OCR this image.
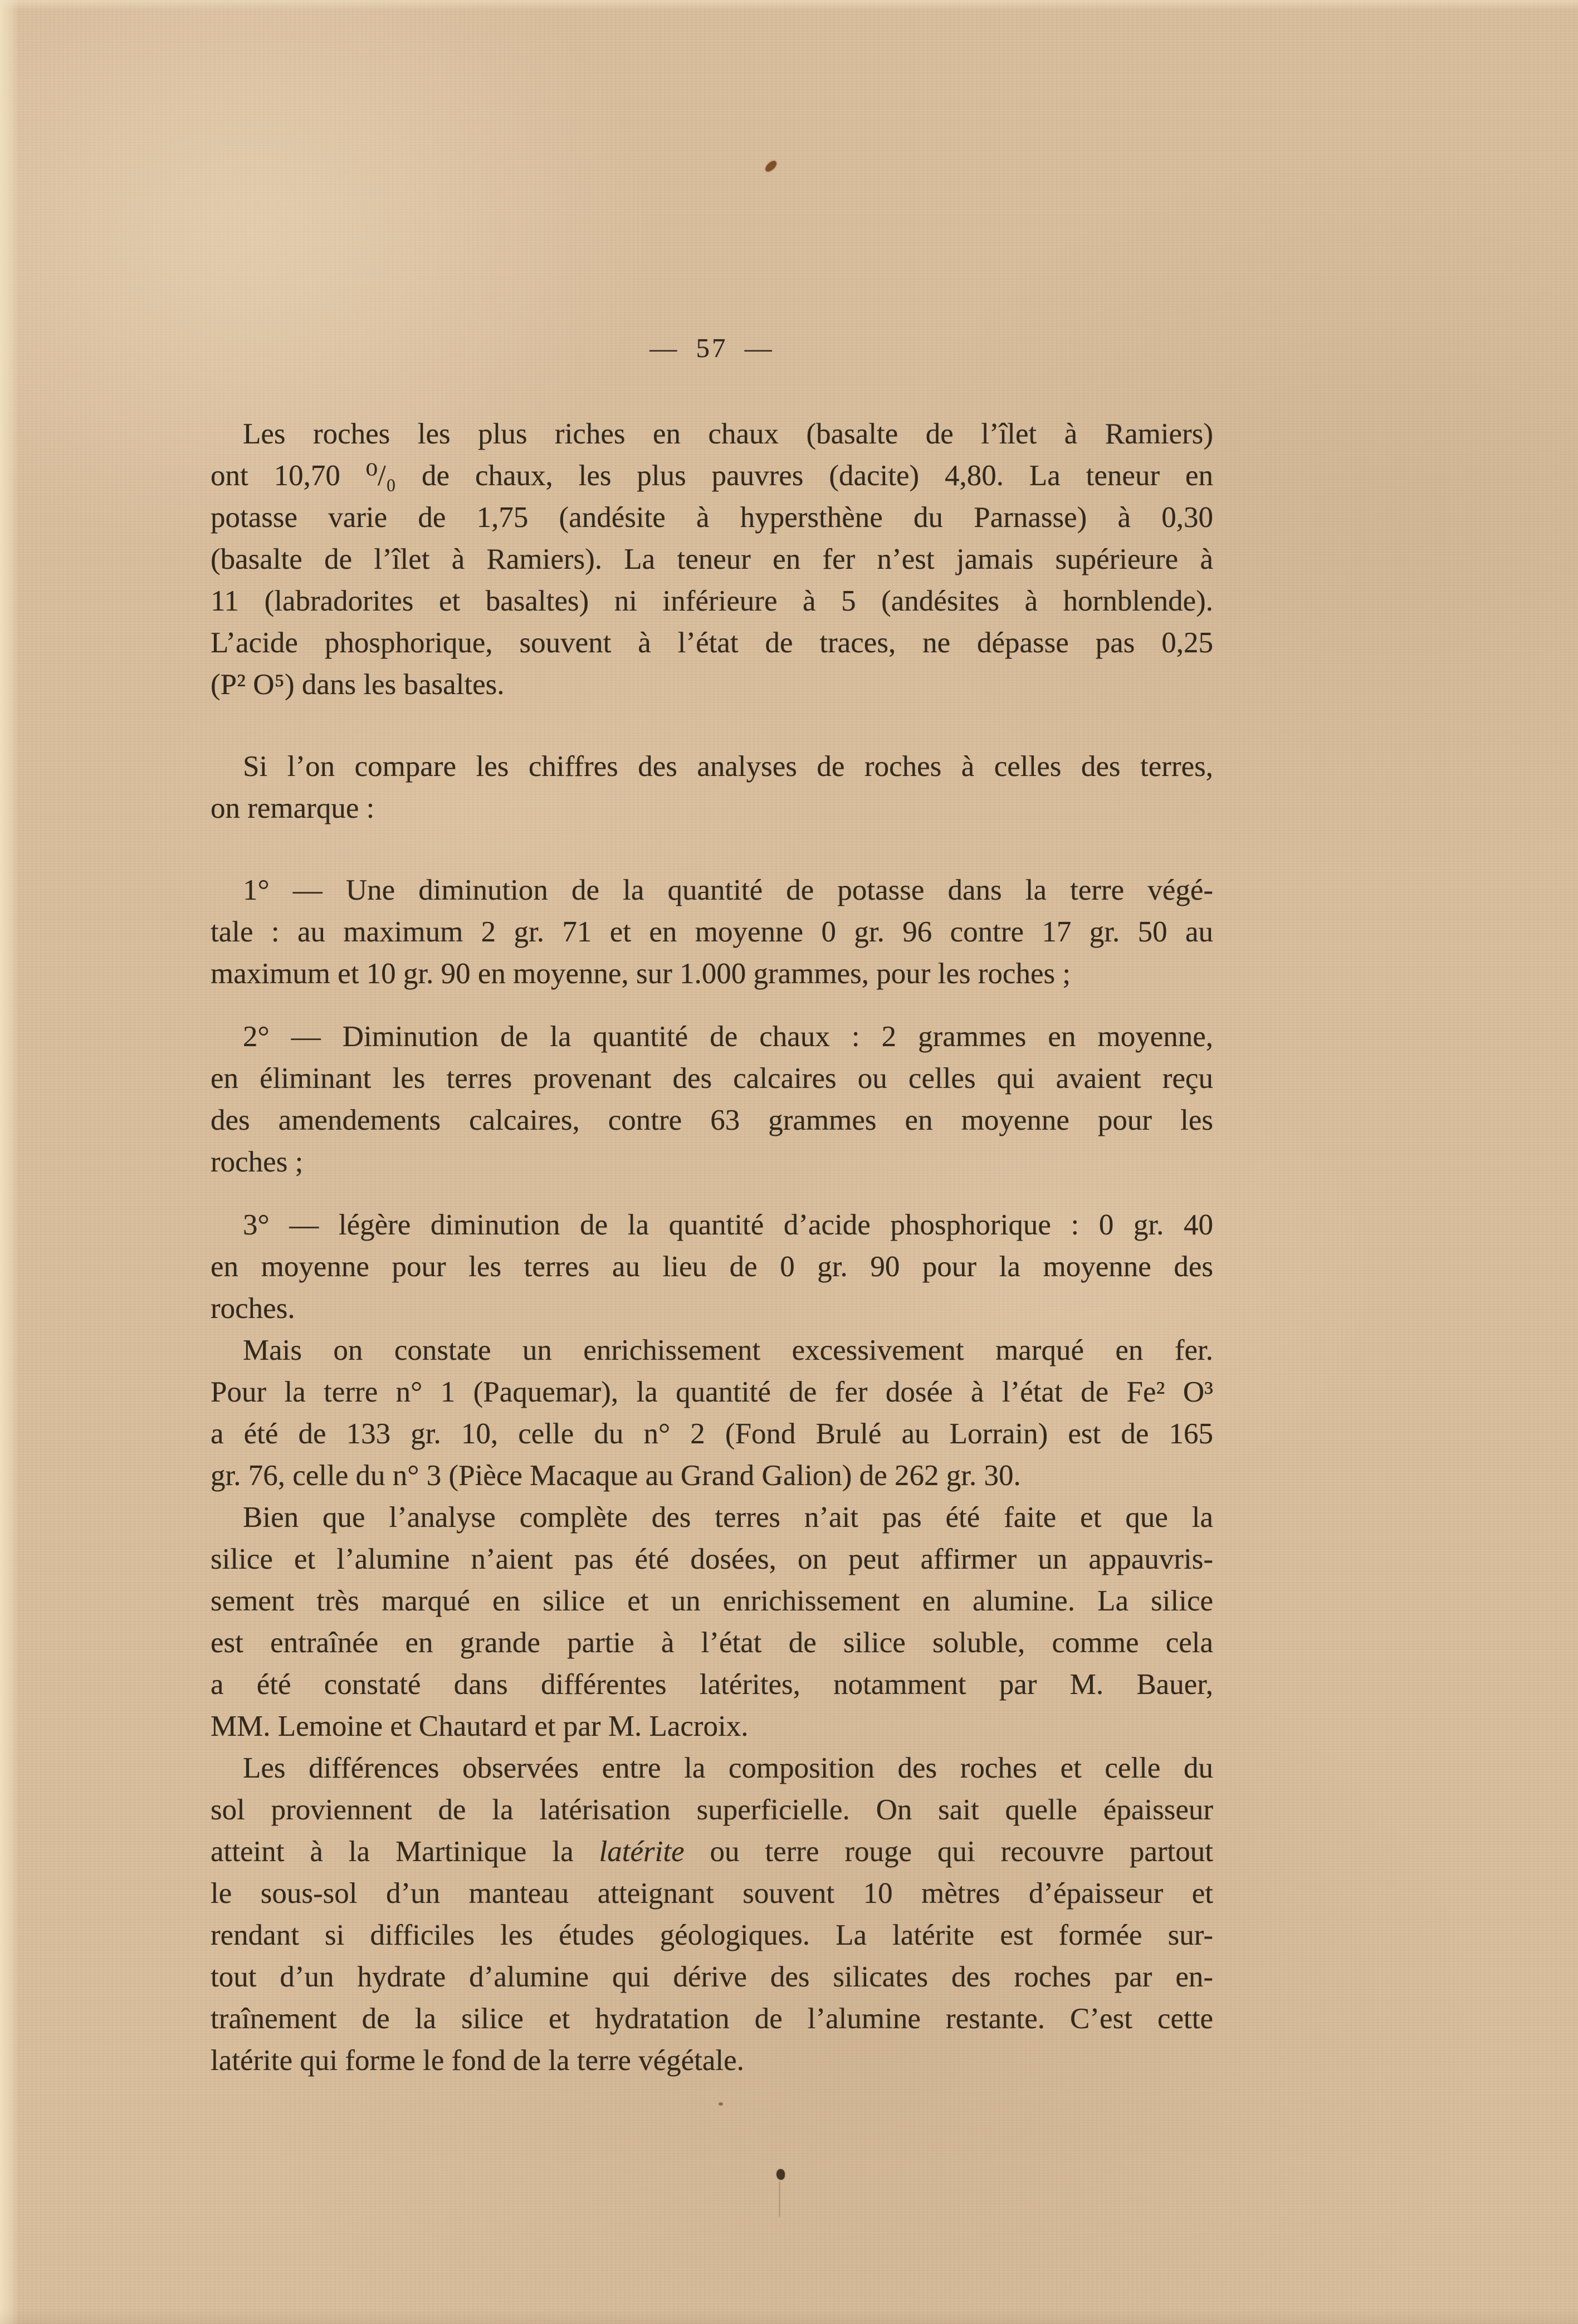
— 57 —
Les roches les plus riches en chaux (basalte de l’îlet à Ramiers)
ont 10,70 ⁰/₀ de chaux, les plus pauvres (dacite) 4,80. La teneur en
potasse varie de 1,75 (andésite à hypersthène du Parnasse) à 0,30
(basalte de l’îlet à Ramiers). La teneur en fer n’est jamais supérieure à
11 (labradorites et basaltes) ni inférieure à 5 (andésites à hornblende).
L’acide phosphorique, souvent à l’état de traces, ne dépasse pas 0,25
(P² O⁵) dans les basaltes.
Si l’on compare les chiffres des analyses de roches à celles des terres,
on remarque :
1° — Une diminution de la quantité de potasse dans la terre végé-
tale : au maximum 2 gr. 71 et en moyenne 0 gr. 96 contre 17 gr. 50 au
maximum et 10 gr. 90 en moyenne, sur 1.000 grammes, pour les roches ;
2° — Diminution de la quantité de chaux : 2 grammes en moyenne,
en éliminant les terres provenant des calcaires ou celles qui avaient reçu
des amendements calcaires, contre 63 grammes en moyenne pour les
roches ;
3° — légère diminution de la quantité d’acide phosphorique : 0 gr. 40
en moyenne pour les terres au lieu de 0 gr. 90 pour la moyenne des
roches.
Mais on constate un enrichissement excessivement marqué en fer.
Pour la terre n° 1 (Paquemar), la quantité de fer dosée à l’état de Fe² O³
a été de 133 gr. 10, celle du n° 2 (Fond Brulé au Lorrain) est de 165
gr. 76, celle du n° 3 (Pièce Macaque au Grand Galion) de 262 gr. 30.
Bien que l’analyse complète des terres n’ait pas été faite et que la
silice et l’alumine n’aient pas été dosées, on peut affirmer un appauvris-
sement très marqué en silice et un enrichissement en alumine. La silice
est entraînée en grande partie à l’état de silice soluble, comme cela
a été constaté dans différentes latérites, notamment par M. Bauer,
MM. Lemoine et Chautard et par M. Lacroix.
Les différences observées entre la composition des roches et celle du
sol proviennent de la latérisation superficielle. On sait quelle épaisseur
atteint à la Martinique la latérite ou terre rouge qui recouvre partout
le sous-sol d’un manteau atteignant souvent 10 mètres d’épaisseur et
rendant si difficiles les études géologiques. La latérite est formée sur-
tout d’un hydrate d’alumine qui dérive des silicates des roches par en-
traînement de la silice et hydratation de l’alumine restante. C’est cette
latérite qui forme le fond de la terre végétale.
